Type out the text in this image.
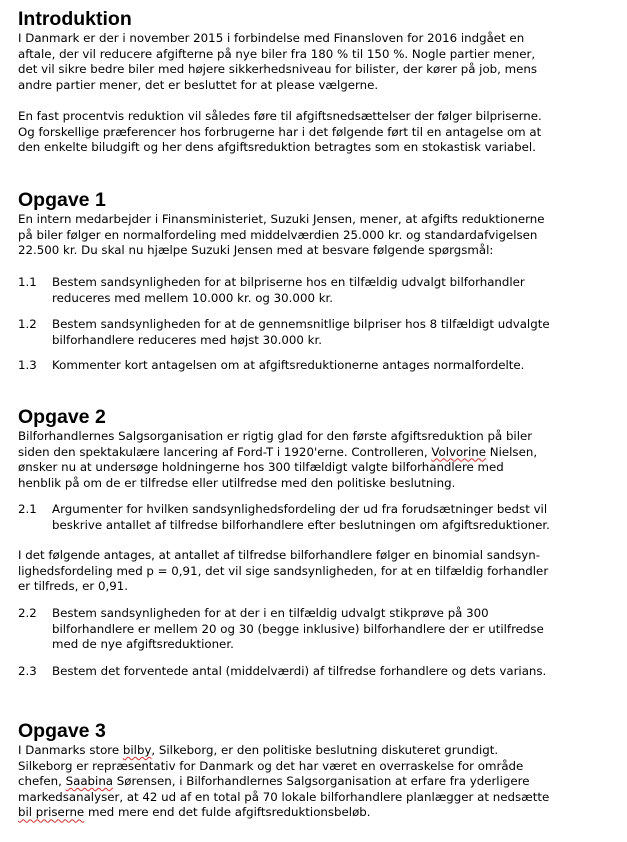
Introduktion
I Danmark er der i november 2015 i forbindelse med Finansloven for 2016 indgået en
aftale, der vil reducere afgifterne på nye biler fra 180 % til 150 %. Nogle partier mener,
det vil sikre bedre biler med højere sikkerhedsniveau for bilister, der kører på job, mens
andre partier mener, det er besluttet for at please vælgerne.
En fast procentvis reduktion vil således føre til afgiftsnedsættelser der følger bilpriserne.
Og forskellige præferencer hos forbrugerne har i det følgende ført til en antagelse om at
den enkelte biludgift og her dens afgiftsreduktion betragtes som en stokastisk variabel.
Opgave 1
En intern medarbejder i Finansministeriet, Suzuki Jensen, mener, at afgifts reduktionerne
på biler følger en normalfordeling med middelværdien 25.000 kr. og standardafvigelsen
22.500 kr. Du skal nu hjælpe Suzuki Jensen med at besvare følgende spørgsmål:
1.1 Bestem sandsynligheden for at bilpriserne hos en tilfældig udvalgt bilforhandler
reduceres med mellem 10.000 kr. og 30.000 kr.
1.2 Bestem sandsynligheden for at de gennemsnitlige bilpriser hos 8 tilfældigt udvalgte
bilforhandlere reduceres med højst 30.000 kr.
1.3 Kommenter kort antagelsen om at afgiftsreduktionerne antages normalfordelte.
Opgave 2
Bilforhandlernes Salgsorganisation er rigtig glad for den første afgiftsreduktion på biler
siden den spektakulære lancering af Ford-T i 1920'erne. Controlleren, Volvorine Nielsen,
ønsker nu at undersøge holdningerne hos 300 tilfældigt valgte bilforhandlere med
henblik på om de er tilfredse eller utilfredse med den politiske beslutning.
2.1 Argumenter for hvilken sandsynlighedsfordeling der ud fra forudsætninger bedst vil
beskrive antallet af tilfredse bilforhandlere efter beslutningen om afgiftsreduktioner.
I det følgende antages, at antallet af tilfredse bilforhandlere følger en binomial sandsyn-
lighedsfordeling med p = 0,91, det vil sige sandsynligheden, for at en tilfældig forhandler
er tilfreds, er 0,91.
2.2 Bestem sandsynligheden for at der i en tilfældig udvalgt stikprøve på 300
bilforhandlere er mellem 20 og 30 (begge inklusive) bilforhandlere der er utilfredse
med de nye afgiftsreduktioner.
2.3 Bestem det forventede antal (middelværdi) af tilfredse forhandlere og dets varians.
Opgave 3
I Danmarks store bilby, Silkeborg, er den politiske beslutning diskuteret grundigt.
Silkeborg er repræsentativ for Danmark og det har været en overraskelse for område
chefen, Saabina Sørensen, i Bilforhandlernes Salgsorganisation at erfare fra yderligere
markedsanalyser, at 42 ud af en total på 70 lokale bilforhandlere planlægger at nedsætte
bil priserne med mere end det fulde afgiftsreduktionsbeløb.
